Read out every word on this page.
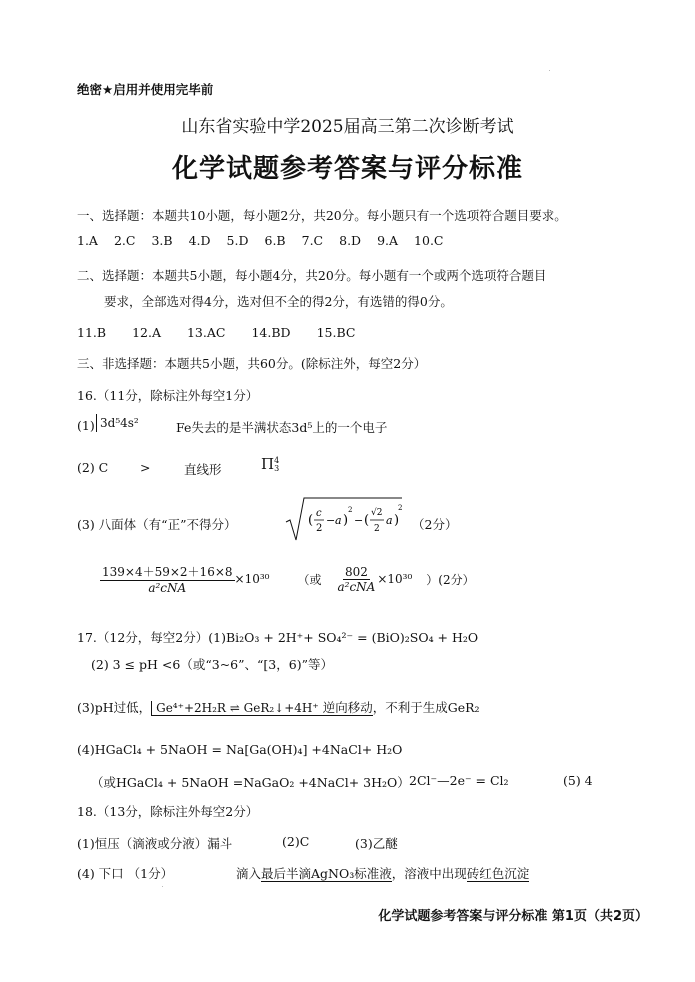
绝密★启用并使用完毕前
山东省实验中学2025届高三第二次诊断考试
化学试题参考答案与评分标准
一、选择题：本题共10小题，每小题2分，共20分。每小题只有一个选项符合题目要求。
1.A 2.C 3.B 4.D 5.D 6.B 7.C 8.D 9.A 10.C
二、选择题：本题共5小题，每小题4分，共20分。每小题有一个或两个选项符合题目
要求，全部选对得4分，选对但不全的得2分，有选错的得0分。
11.B 12.A 13.AC 14.BD 15.BC
三、非选择题：本题共5小题，共60分。(除标注外，每空2分）
16.（11分，除标注外每空1分）
(1) 3d⁵4s²	Fe失去的是半满状态3d⁵上的一个电子
(2) C	>	直线形	Π 4
3
(3) 八面体（有“正”不得分）	( c
2
− a )
2
− ( √2
2
a )
2
（2分）
$\frac{139\times 4+59\times 2+16\times 8}{\text{a²cNA}} \times 10^{30}$ （或 $\frac{802}{\text{a²cNA}} \times 10^{30}$ ）(2分）
17.（12分，每空2分）(1)Bi₂O₃ + 2H⁺+ SO₄²⁻ = (BiO)₂SO₄ + H₂O
(2) 3 ≤ pH <6（或“3~6”、“[3，6)”等）
(3)pH过低， Ge⁴⁺+2H₂R ⇌ GeR₂↓+4H⁺ 逆向移动，不利于生成GeR₂
(4)HGaCl₄ + 5NaOH = Na[Ga(OH)₄] +4NaCl+ H₂O
（或HGaCl₄ + 5NaOH =NaGaO₂ +4NaCl+ 3H₂O） 2Cl⁻—2e⁻ = Cl₂	(5) 4
18.（13分，除标注外每空2分）
(1)恒压（滴液或分液）漏斗	(2)C	(3)乙醚
(4) 下口 （1分）	滴入最后半滴AgNO₃标准液，溶液中出现砖红色沉淀
化学试题参考答案与评分标准 第1页（共2页）
